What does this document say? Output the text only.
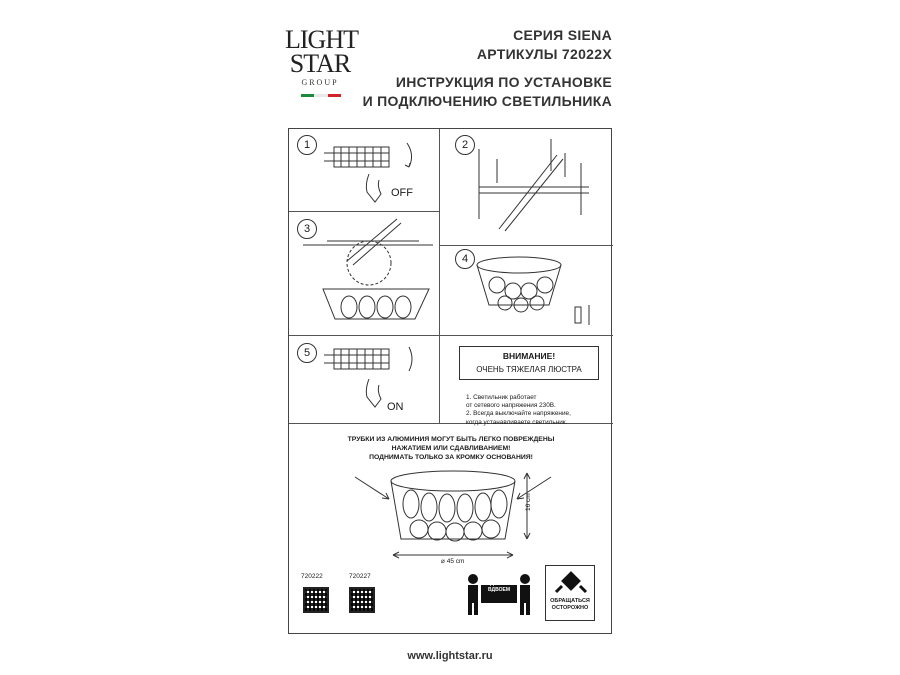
LIGHT
STAR
GROUP
СЕРИЯ SIENA
АРТИКУЛЫ 72022X
ИНСТРУКЦИЯ ПО УСТАНОВКЕ
И ПОДКЛЮЧЕНИЮ СВЕТИЛЬНИКА
1	2
3
4
5
OFF
ON
ВНИМАНИЕ!
ОЧЕНЬ ТЯЖЕЛАЯ ЛЮСТРА
1. Светильник работает
от сетевого напряжения 230В.
2. Всегда выключайте напряжение,
когда устанавливаете светильник.
ТРУБКИ ИЗ АЛЮМИНИЯ МОГУТ БЫТЬ ЛЕГКО ПОВРЕЖДЕНЫ
НАЖАТИЕМ ИЛИ СДАВЛИВАНИЕМ!
ПОДНИМАТЬ ТОЛЬКО ЗА КРОМКУ ОСНОВАНИЯ!
⌀ 45 cm
16 cm
720222	720227
ПОДНИМАТЬ
ВДВОЕМ
ОБРАЩАТЬСЯ
ОСТОРОЖНО
www.lightstar.ru
